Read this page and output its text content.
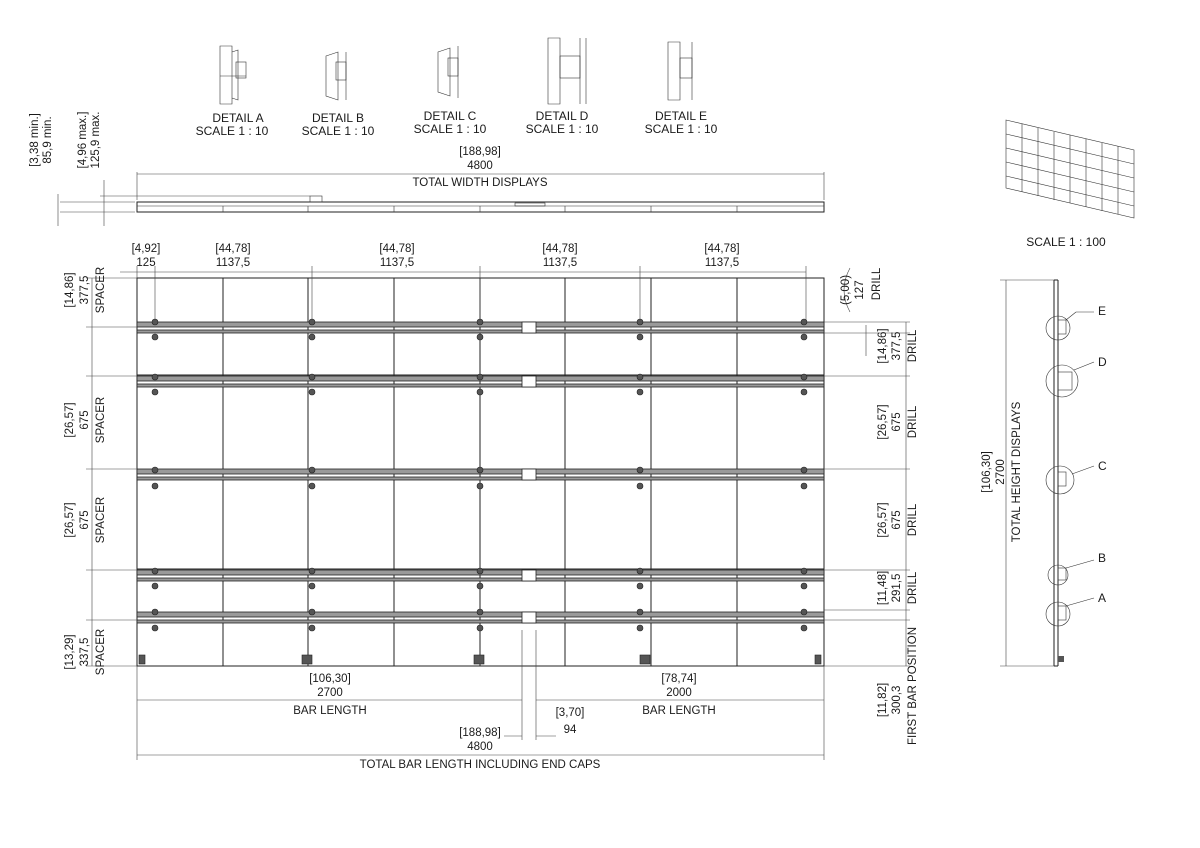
DETAIL A
SCALE 1 : 10
DETAIL B
SCALE 1 : 10
DETAIL C
SCALE 1 : 10
DETAIL D
SCALE 1 : 10
DETAIL E
SCALE 1 : 10
SCALE 1 : 100
[188,98]
4800
TOTAL WIDTH DISPLAYS
[3,38 min.] 85,9 min. [4,96 max.] 125,9 max.
[4,92]
125
[44,78]
1137,5
[44,78]
1137,5
[44,78]
1137,5
[44,78]
1137,5
[14,86] 377,5 SPACER
[26,57] 675 SPACER
[26,57] 675 SPACER
[13,29] 337,5 SPACER
(5,00) 127 DRILL
[14,86] 377,5 DRILL
[26,57] 675 DRILL
[26,57] 675 DRILL
[11,48] 291,5 DRILL
[11,82] 300,3 FIRST BAR POSITION
[106,30]
2700
BAR LENGTH
[78,74]
2000
BAR LENGTH
[3,70]
94
[188,98]
4800
TOTAL BAR LENGTH INCLUDING END CAPS
E
D
C
B
A
[106,30] 2700 TOTAL HEIGHT DISPLAYS
